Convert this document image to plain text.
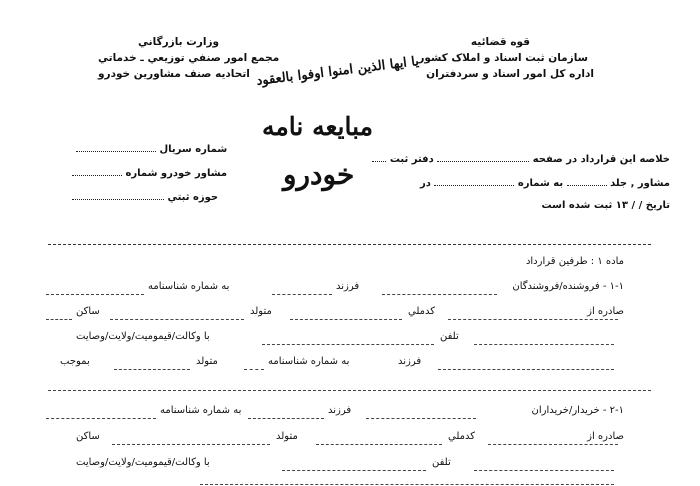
قوه قضائيه
سازمان ثبت اسناد و املاک کشور
اداره کل امور اسناد و سردفتران
وزارت بازرگاني
مجمع امور صنفي توزيعي ـ خدماتي
اتحاديه صنف مشاورين خودرو يا ايها الذين امنوا اوفوا بالعقود
مبايعه نامه
خودرو	خلاصه اين قرارداد در صفحه  دفتر ثبت
مشاور , جلد  به شماره  در
تاريخ / / ۱۳ ثبت شده است
شماره سريال
مشاور خودرو شماره
حوزه ثبتي
ماده ۱ : طرفين قرارداد
۱-۱ - فروشنده/فروشندگان
فرزند
به شماره شناسنامه
صادره از
کدملي
متولد
ساکن
تلفن
با وکالت/قيموميت/ولايت/وصايت
فرزند
به شماره شناسنامه
متولد
بموجب
۲-۱ - خريدار/خريداران
فرزند
به شماره شناسنامه
صادره از
کدملي
متولد
ساکن
تلفن
با وکالت/قيموميت/ولايت/وصايت
